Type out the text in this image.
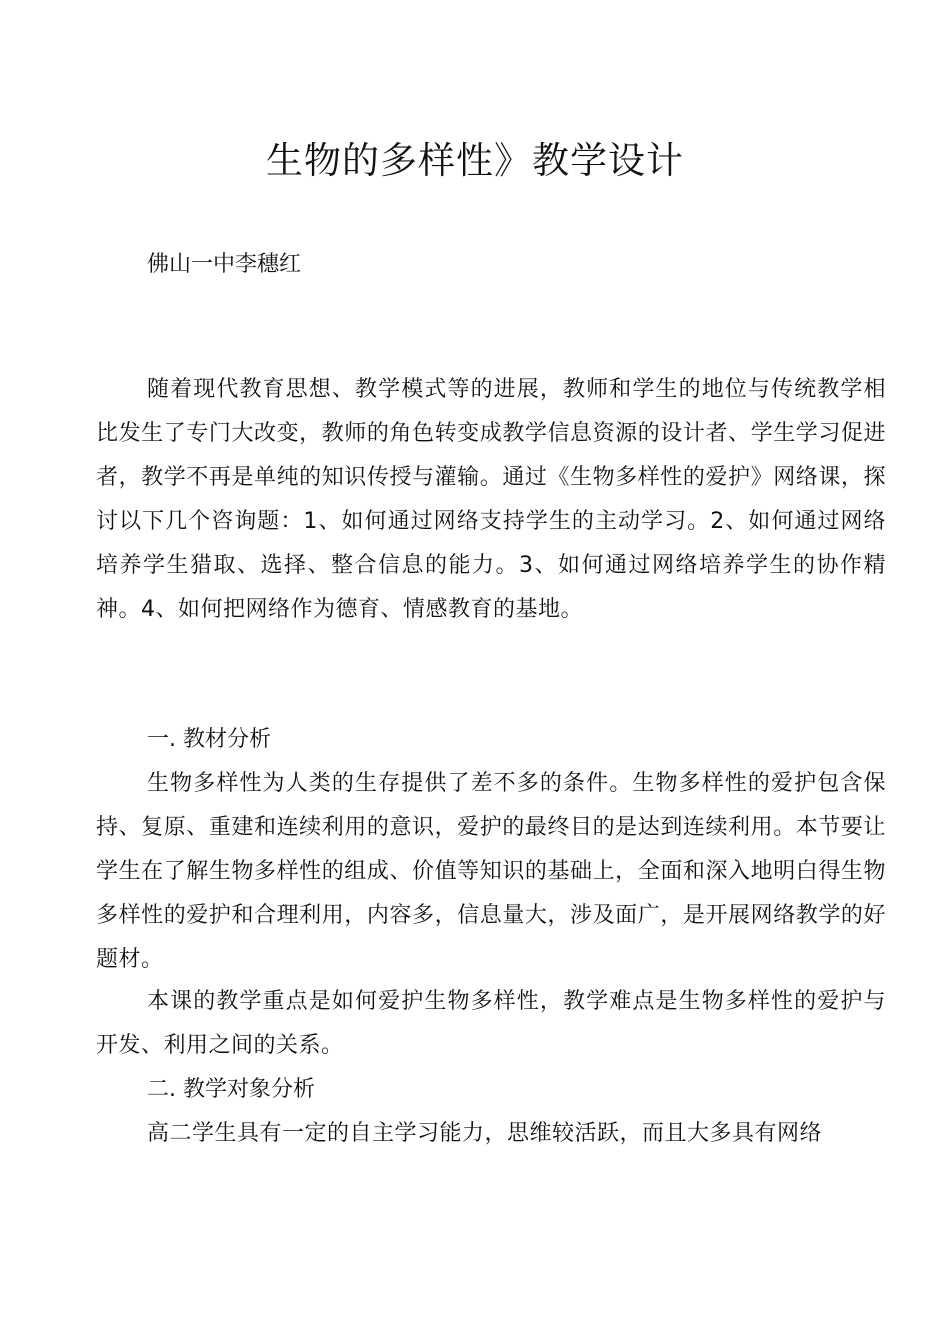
生物的多样性》教学设计

佛山一中李穗红

随着现代教育思想、教学模式等的进展，教师和学生的地位与传统教学相比发生了专门大改变，教师的角色转变成教学信息资源的设计者、学生学习促进者，教学不再是单纯的知识传授与灌输。通过《生物多样性的爱护》网络课，探讨以下几个咨询题：1、如何通过网络支持学生的主动学习。2、如何通过网络培养学生猎取、选择、整合信息的能力。3、如何通过网络培养学生的协作精神。4、如何把网络作为德育、情感教育的基地。

一. 教材分析

生物多样性为人类的生存提供了差不多的条件。生物多样性的爱护包含保持、复原、重建和连续利用的意识，爱护的最终目的是达到连续利用。本节要让学生在了解生物多样性的组成、价值等知识的基础上，全面和深入地明白得生物多样性的爱护和合理利用，内容多，信息量大，涉及面广，是开展网络教学的好题材。

本课的教学重点是如何爱护生物多样性，教学难点是生物多样性的爱护与开发、利用之间的关系。

二. 教学对象分析

高二学生具有一定的自主学习能力，思维较活跃，而且大多具有网络
